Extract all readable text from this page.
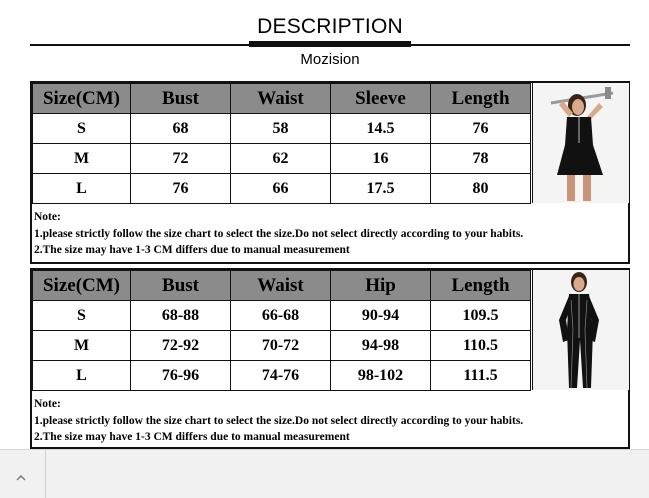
DESCRIPTION
Mozision
Size(CM)	Bust	Waist	Sleeve	Length
S	68	58	14.5	76
M	72	62	16	78
L	76	66	17.5	80
Note:
1.please strictly follow the size chart to select the size.Do not select directly according to your habits.
2.The size may have 1-3 CM differs due to manual measurement
Size(CM)	Bust	Waist	Hip	Length
S	68-88	66-68	90-94	109.5
M	72-92	70-72	94-98	110.5
L	76-96	74-76	98-102	111.5
Note:
1.please strictly follow the size chart to select the size.Do not select directly according to your habits.
2.The size may have 1-3 CM differs due to manual measurement
